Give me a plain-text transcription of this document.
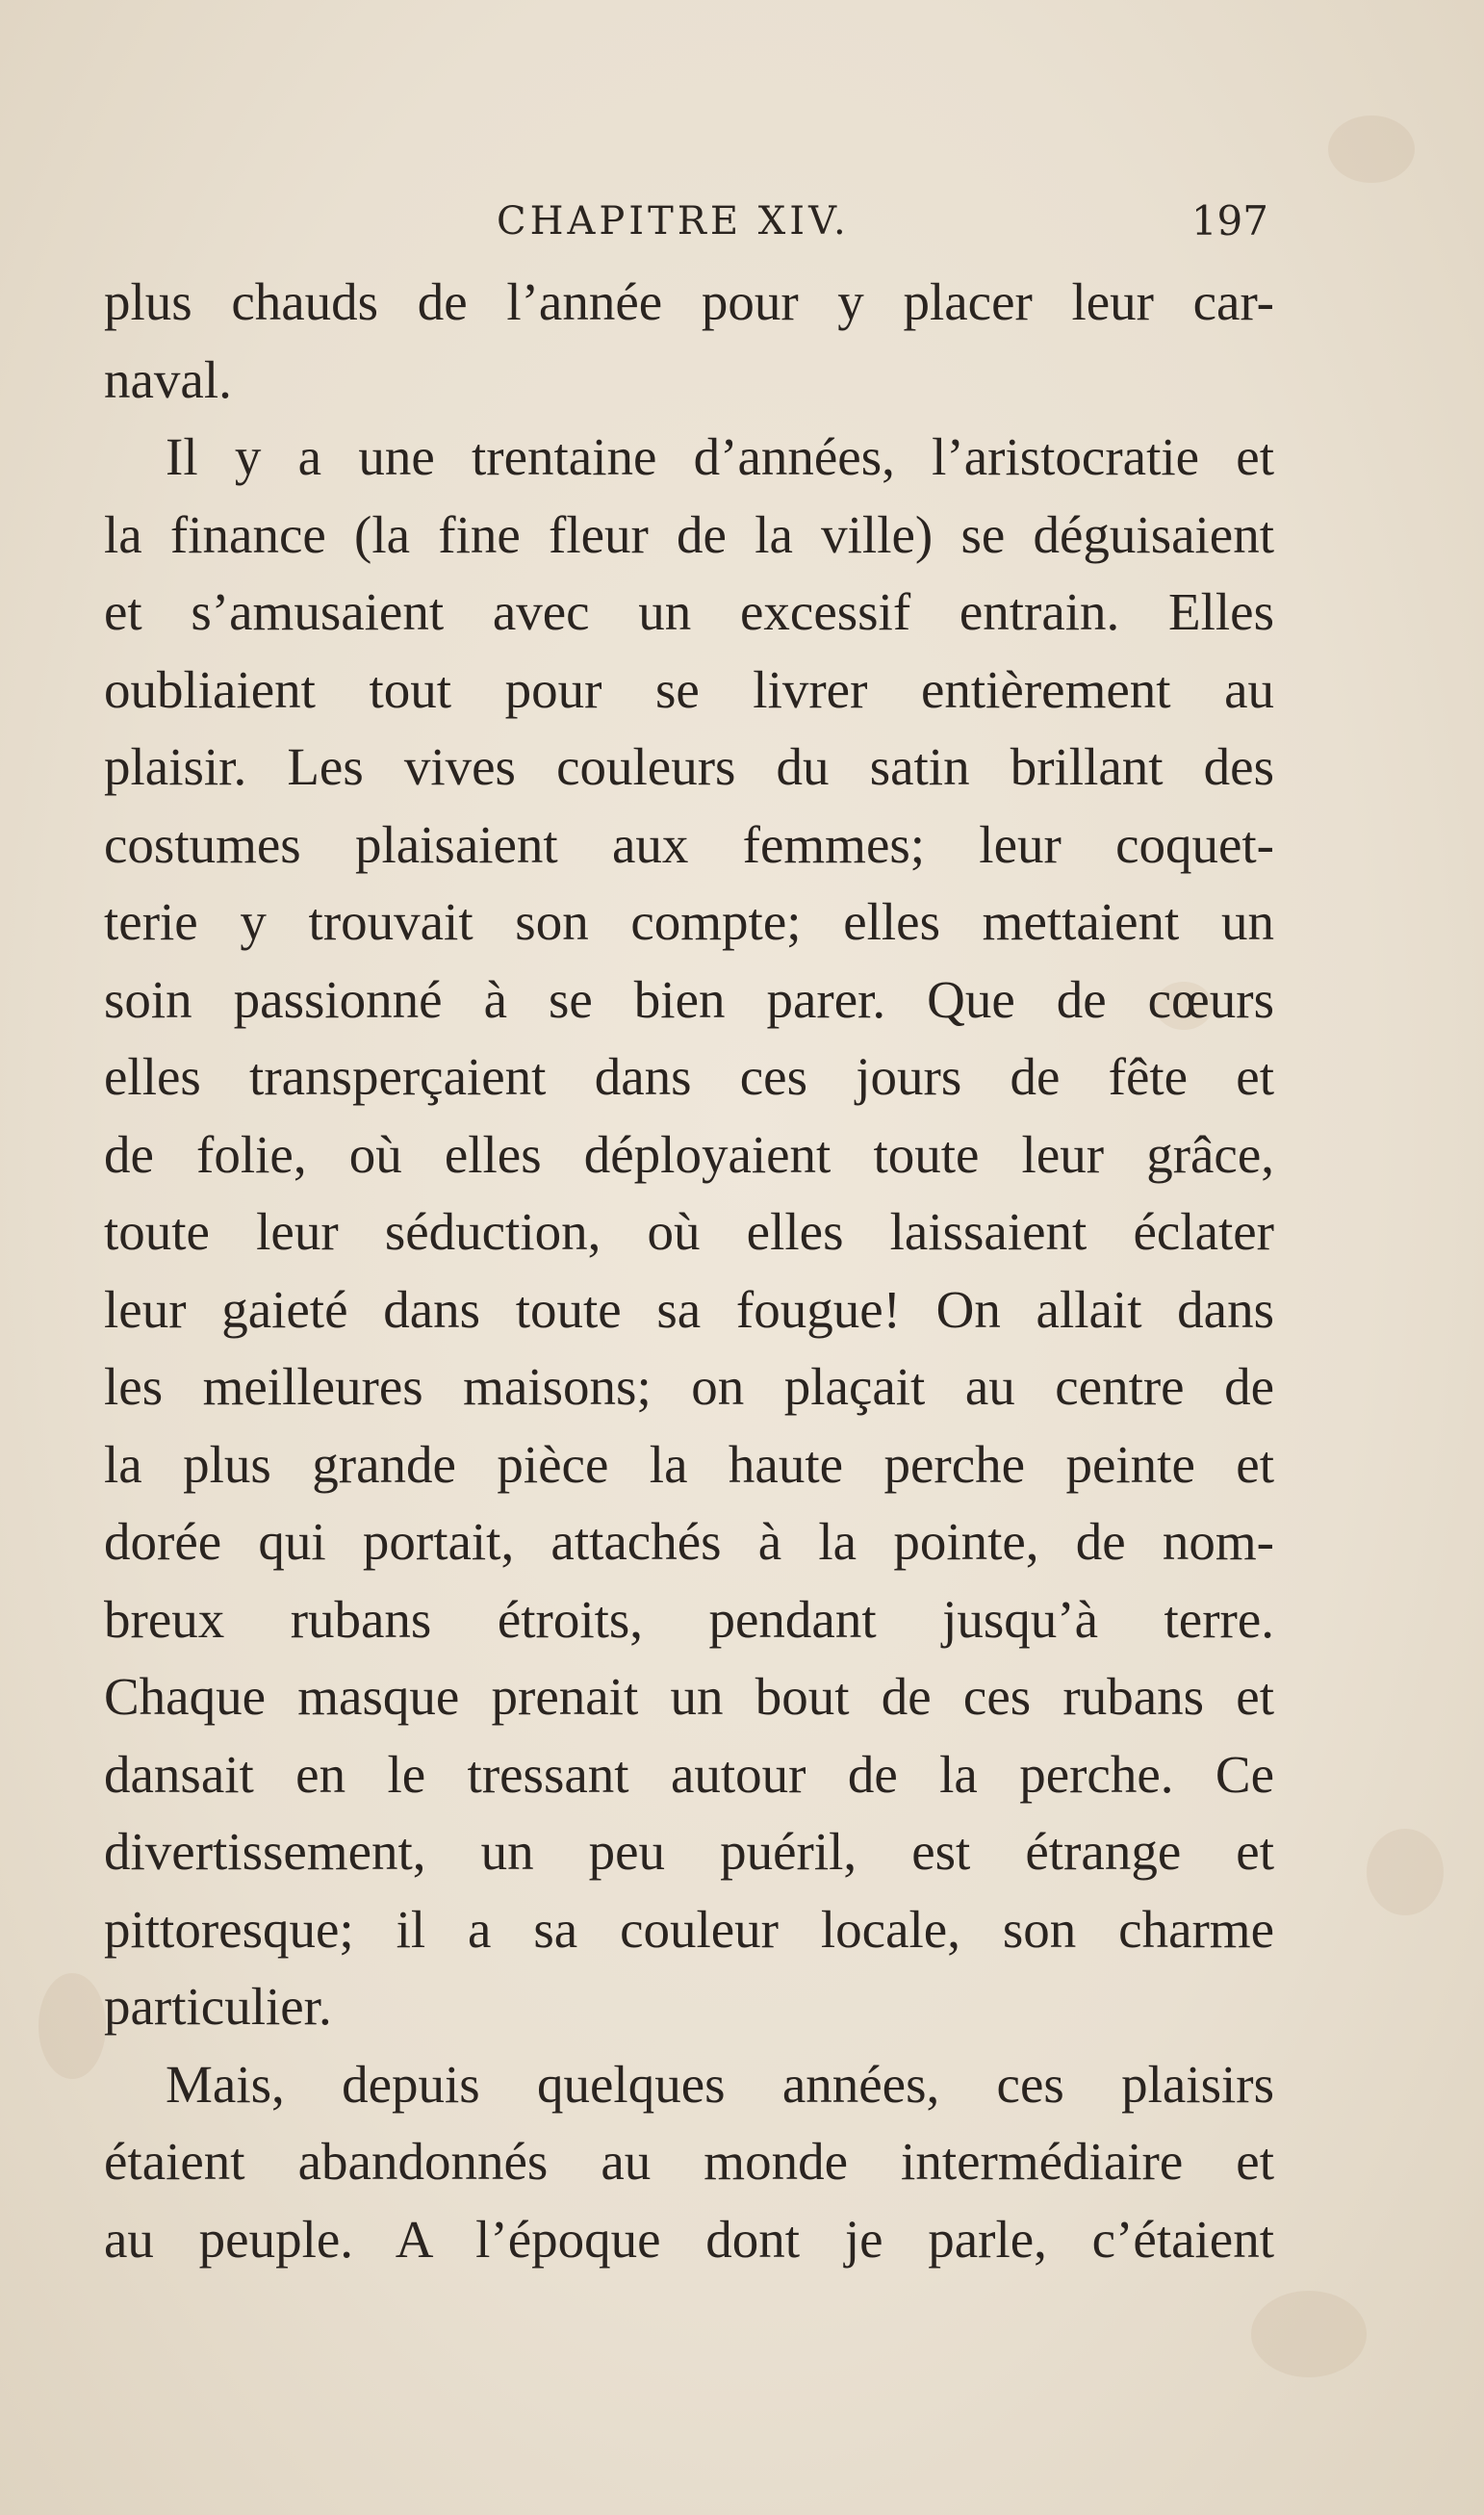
CHAPITRE XIV.	197
plus chauds de l’année pour y placer leur car-
naval.
Il y a une trentaine d’années, l’aristocratie et
la finance (la fine fleur de la ville) se déguisaient
et s’amusaient avec un excessif entrain. Elles
oubliaient tout pour se livrer entièrement au
plaisir. Les vives couleurs du satin brillant des
costumes plaisaient aux femmes; leur coquet-
terie y trouvait son compte; elles mettaient un
soin passionné à se bien parer. Que de cœurs
elles transperçaient dans ces jours de fête et
de folie, où elles déployaient toute leur grâce,
toute leur séduction, où elles laissaient éclater
leur gaieté dans toute sa fougue! On allait dans
les meilleures maisons; on plaçait au centre de
la plus grande pièce la haute perche peinte et
dorée qui portait, attachés à la pointe, de nom-
breux rubans étroits, pendant jusqu’à terre.
Chaque masque prenait un bout de ces rubans et
dansait en le tressant autour de la perche. Ce
divertissement, un peu puéril, est étrange et
pittoresque; il a sa couleur locale, son charme
particulier.
Mais, depuis quelques années, ces plaisirs
étaient abandonnés au monde intermédiaire et
au peuple. A l’époque dont je parle, c’étaient
